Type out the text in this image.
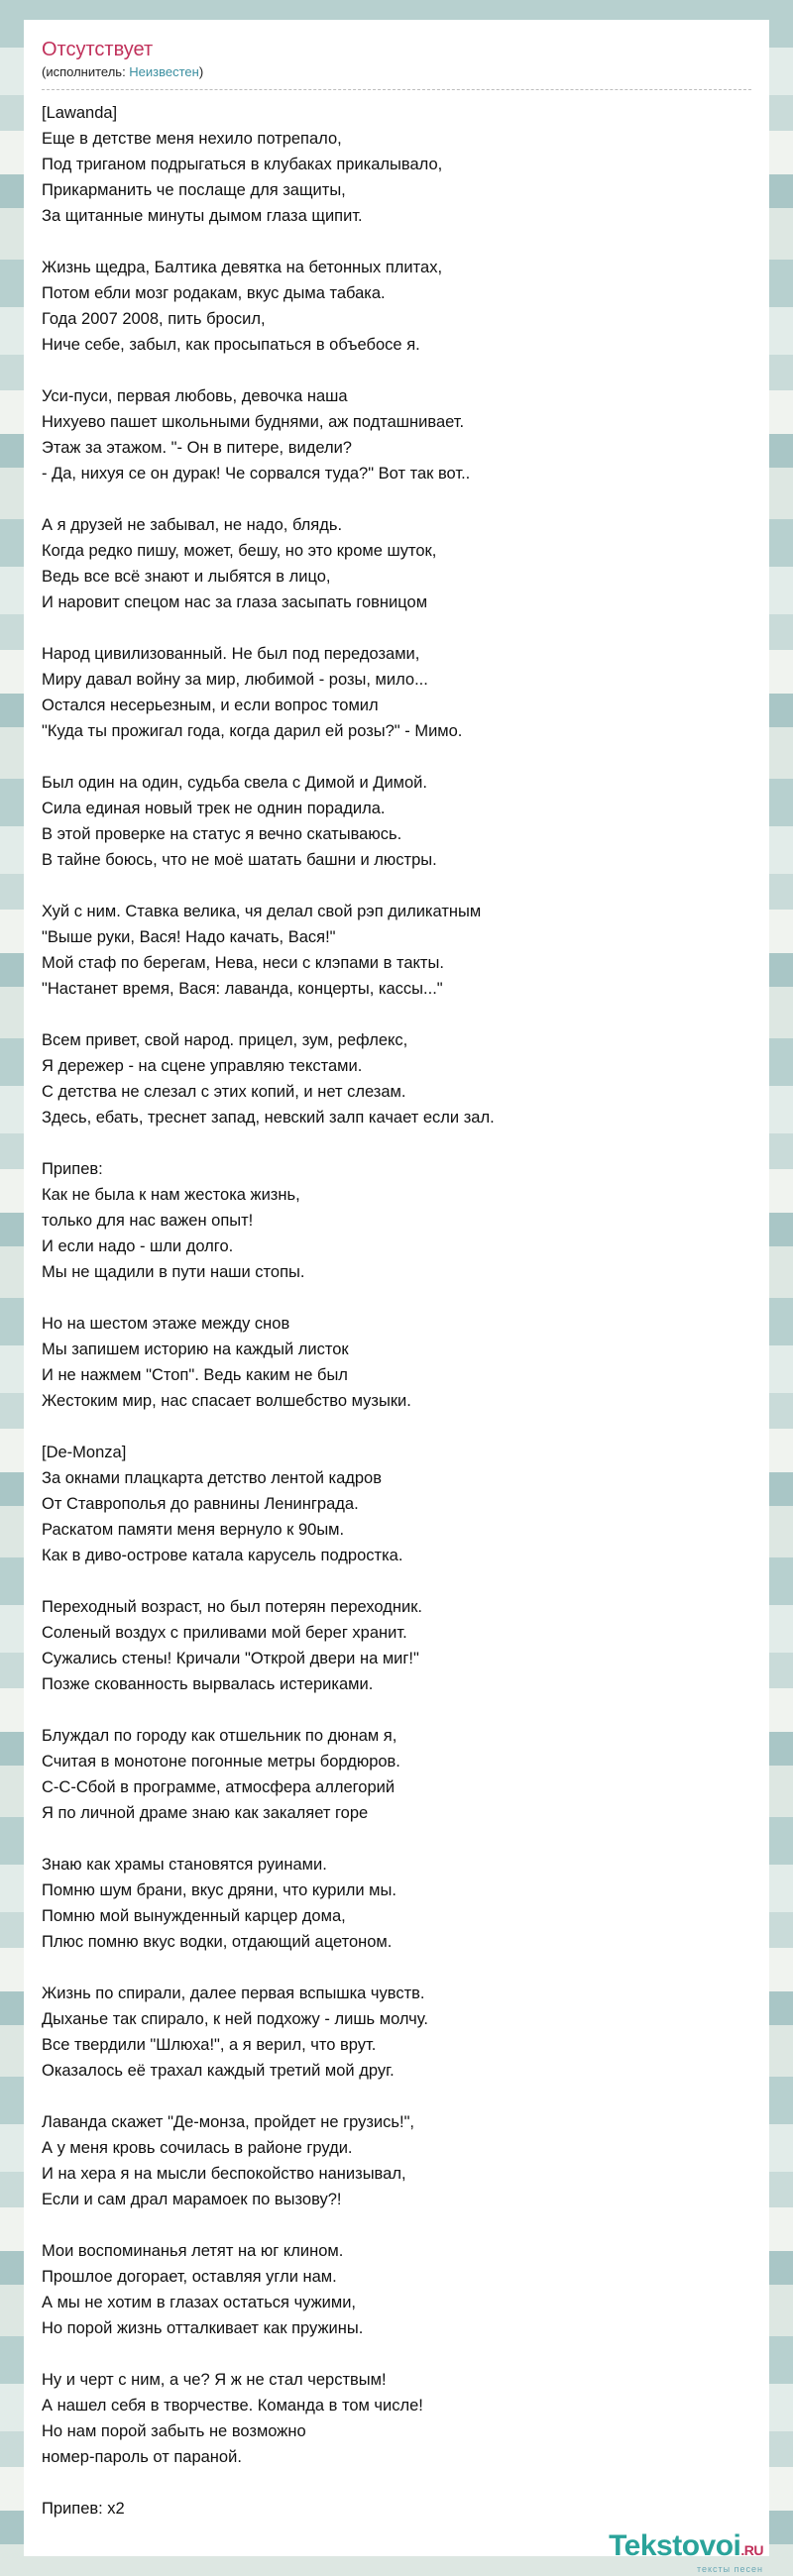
Отсутствует
(исполнитель: Неизвестен)
[Lawanda]
Еще в детстве меня нехило потрепало,
Под триганом подрыгаться в клубаках прикалывало,
Прикарманить че послаще для защиты,
За щитанные минуты дымом глаза щипит.
Жизнь щедра, Балтика девятка на бетонных плитах,
Потом ебли мозг родакам, вкус дыма табака.
Года 2007 2008, пить бросил,
Ниче себе, забыл, как просыпаться в объебосе я.
Уси-пуси, первая любовь, девочка наша
Нихуево пашет школьными буднями, аж подташнивает.
Этаж за этажом. "- Он в питере, видели?
- Да, нихуя се он дурак! Че сорвался туда?" Вот так вот..
А я друзей не забывал, не надо, блядь.
Когда редко пишу, может, бешу, но это кроме шуток,
Ведь все всё знают и лыбятся в лицо,
И наровит спецом нас за глаза засыпать говницом
Народ цивилизованный. Не был под передозами,
Миру давал войну за мир, любимой - розы, мило...
Остался несерьезным, и если вопрос томил
"Куда ты прожигал года, когда дарил ей розы?" - Мимо.
Был один на один, судьба свела с Димой и Димой.
Сила единая новый трек не однин порадила.
В этой проверке на статус я вечно скатываюсь.
В тайне боюсь, что не моё шатать башни и люстры.
Хуй с ним. Ставка велика, чя делал свой рэп диликатным
"Выше руки, Вася! Надо качать, Вася!"
Мой стаф по берегам, Нева, неси с клэпами в такты.
"Настанет время, Вася: лаванда, концерты, кассы..."
Всем привет, свой народ. прицел, зум, рефлекс,
Я дережер - на сцене управляю текстами.
С детства не слезал с этих копий, и нет слезам.
Здесь, ебать, треснет запад, невский залп качает если зал.
Припев:
Как не была к нам жестока жизнь,
только для нас важен опыт!
И если надо - шли долго.
Мы не щадили в пути наши стопы.
Но на шестом этаже между снов
Мы запишем историю на каждый листок
И не нажмем "Стоп". Ведь каким не был
Жестоким мир, нас спасает волшебство музыки.
[De-Monza]
За окнами плацкарта детство лентой кадров
От Ставрополья до равнины Ленинграда.
Раскатом памяти меня вернуло к 90ым.
Как в диво-острове катала карусель подростка.
Переходный возраст, но был потерян переходник.
Соленый воздух с приливами мой берег хранит.
Сужались стены! Кричали "Открой двери на миг!"
Позже скованность вырвалась истериками.
Блуждал по городу как отшельник по дюнам я,
Считая в монотоне погонные метры бордюров.
С-С-Сбой в программе, атмосфера аллегорий
Я по личной драме знаю как закаляет горе
Знаю как храмы становятся руинами.
Помню шум брани, вкус дряни, что курили мы.
Помню мой вынужденный карцер дома,
Плюс помню вкус водки, отдающий ацетоном.
Жизнь по спирали, далее первая вспышка чувств.
Дыханье так спирало, к ней подхожу - лишь молчу.
Все твердили "Шлюха!", а я верил, что врут.
Оказалось её трахал каждый третий мой друг.
Лаванда скажет "Де-монза, пройдет не грузись!",
А у меня кровь сочилась в районе груди.
И на хера я на мысли беспокойство нанизывал,
Если и сам драл марамоек по вызову?!
Мои воспоминанья летят на юг клином.
Прошлое догорает, оставляя угли нам.
А мы не хотим в глазах остаться чужими,
Но порой жизнь отталкивает как пружины.
Ну и черт с ним, а че? Я ж не стал черствым!
А нашел себя в творчестве. Команда в том числе!
Но нам порой забыть не возможно
номер-пароль от параной.
Припев: x2
Tekstovoi.RU
тексты песен
